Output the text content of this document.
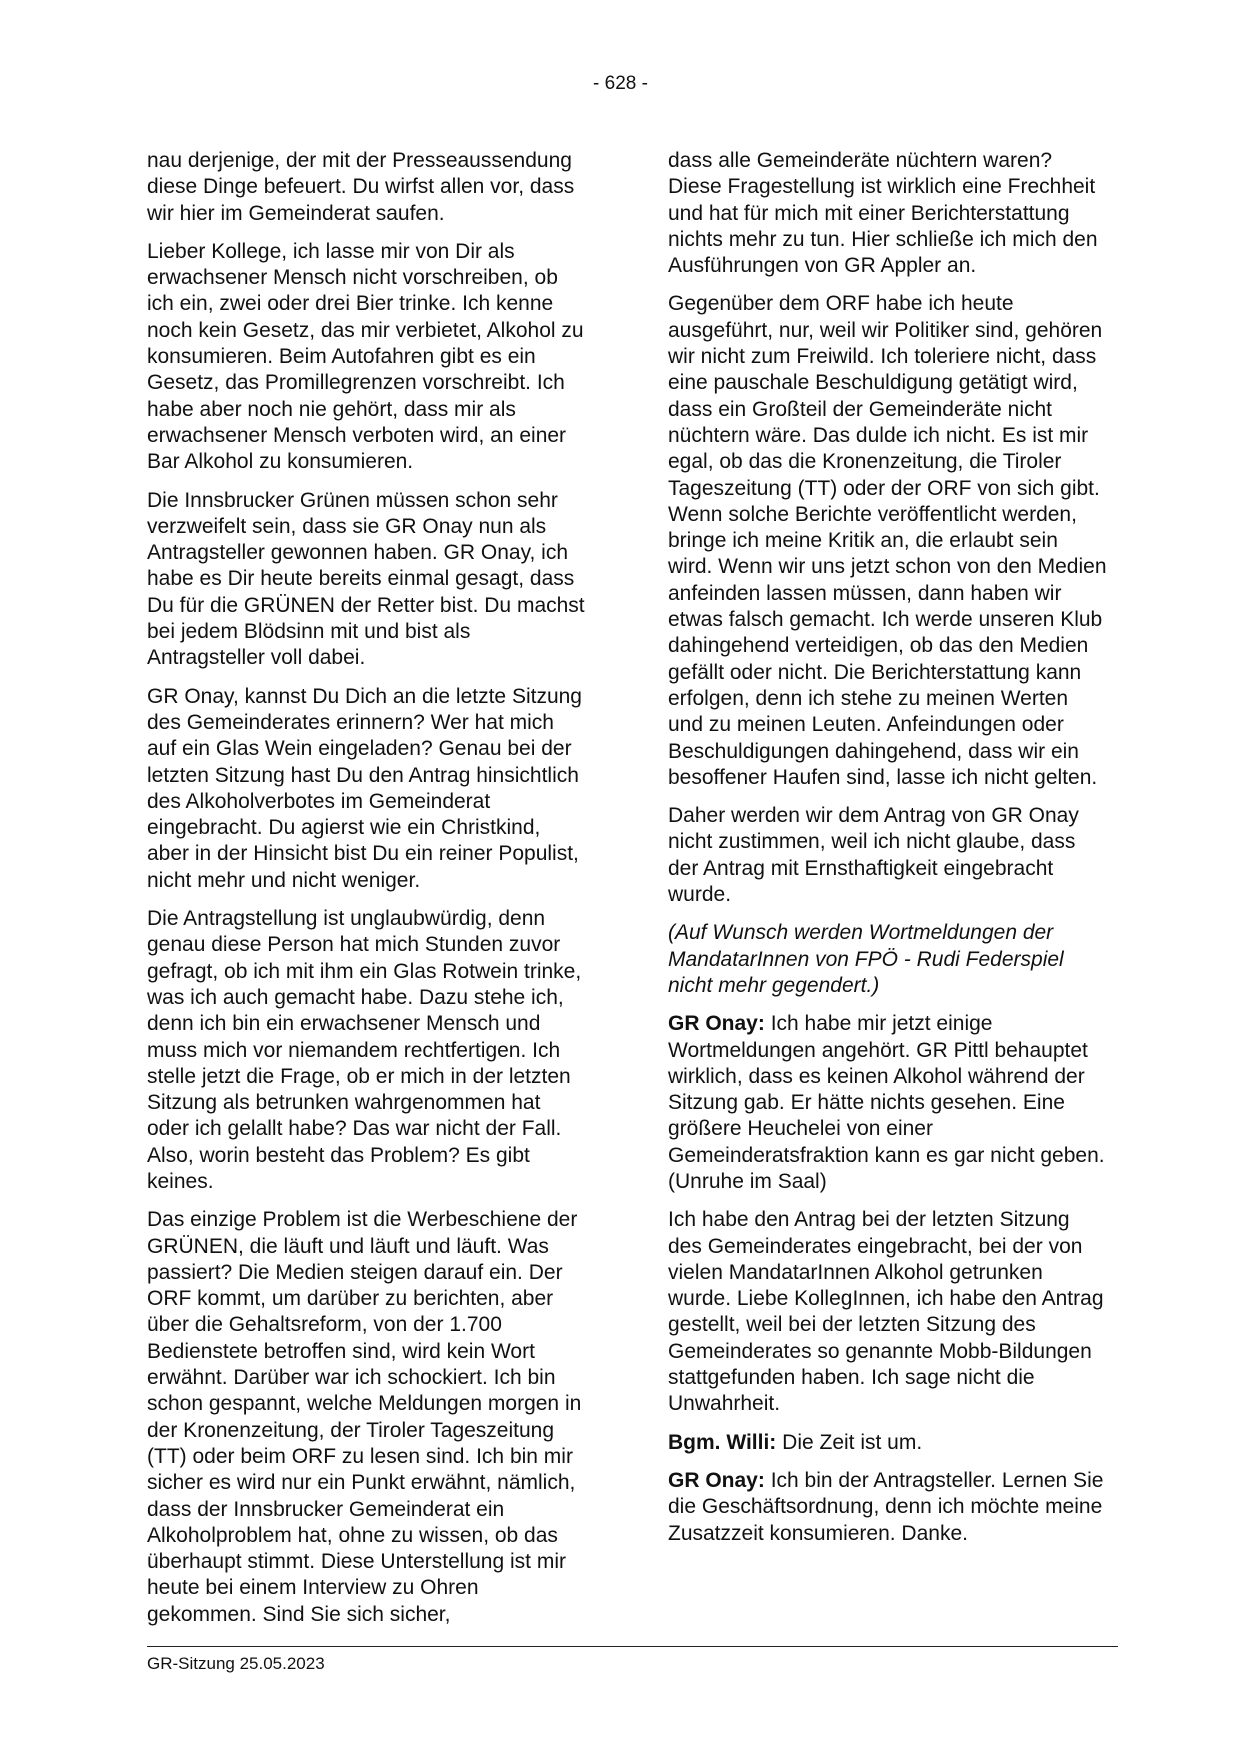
- 628 -

nau derjenige, der mit der Presseaussendung diese Dinge befeuert. Du wirfst allen vor, dass wir hier im Gemeinderat saufen.

Lieber Kollege, ich lasse mir von Dir als erwachsener Mensch nicht vorschreiben, ob ich ein, zwei oder drei Bier trinke. Ich kenne noch kein Gesetz, das mir verbietet, Alkohol zu konsumieren. Beim Autofahren gibt es ein Gesetz, das Promillegrenzen vorschreibt. Ich habe aber noch nie gehört, dass mir als erwachsener Mensch verboten wird, an einer Bar Alkohol zu konsumieren.

Die Innsbrucker Grünen müssen schon sehr verzweifelt sein, dass sie GR Onay nun als Antragsteller gewonnen haben. GR Onay, ich habe es Dir heute bereits einmal gesagt, dass Du für die GRÜNEN der Retter bist. Du machst bei jedem Blödsinn mit und bist als Antragsteller voll dabei.

GR Onay, kannst Du Dich an die letzte Sitzung des Gemeinderates erinnern? Wer hat mich auf ein Glas Wein eingeladen? Genau bei der letzten Sitzung hast Du den Antrag hinsichtlich des Alkoholverbotes im Gemeinderat eingebracht. Du agierst wie ein Christkind, aber in der Hinsicht bist Du ein reiner Populist, nicht mehr und nicht weniger.

Die Antragstellung ist unglaubwürdig, denn genau diese Person hat mich Stunden zuvor gefragt, ob ich mit ihm ein Glas Rotwein trinke, was ich auch gemacht habe. Dazu stehe ich, denn ich bin ein erwachsener Mensch und muss mich vor niemandem rechtfertigen. Ich stelle jetzt die Frage, ob er mich in der letzten Sitzung als betrunken wahrgenommen hat oder ich gelallt habe? Das war nicht der Fall. Also, worin besteht das Problem? Es gibt keines.

Das einzige Problem ist die Werbeschiene der GRÜNEN, die läuft und läuft und läuft. Was passiert? Die Medien steigen darauf ein. Der ORF kommt, um darüber zu berichten, aber über die Gehaltsreform, von der 1.700 Bedienstete betroffen sind, wird kein Wort erwähnt. Darüber war ich schockiert. Ich bin schon gespannt, welche Meldungen morgen in der Kronenzeitung, der Tiroler Tageszeitung (TT) oder beim ORF zu lesen sind. Ich bin mir sicher es wird nur ein Punkt erwähnt, nämlich, dass der Innsbrucker Gemeinderat ein Alkoholproblem hat, ohne zu wissen, ob das überhaupt stimmt. Diese Unterstellung ist mir heute bei einem Interview zu Ohren gekommen. Sind Sie sich sicher,

dass alle Gemeinderäte nüchtern waren? Diese Fragestellung ist wirklich eine Frechheit und hat für mich mit einer Berichterstattung nichts mehr zu tun. Hier schließe ich mich den Ausführungen von GR Appler an.

Gegenüber dem ORF habe ich heute ausgeführt, nur, weil wir Politiker sind, gehören wir nicht zum Freiwild. Ich toleriere nicht, dass eine pauschale Beschuldigung getätigt wird, dass ein Großteil der Gemeinderäte nicht nüchtern wäre. Das dulde ich nicht. Es ist mir egal, ob das die Kronenzeitung, die Tiroler Tageszeitung (TT) oder der ORF von sich gibt. Wenn solche Berichte veröffentlicht werden, bringe ich meine Kritik an, die erlaubt sein wird. Wenn wir uns jetzt schon von den Medien anfeinden lassen müssen, dann haben wir etwas falsch gemacht. Ich werde unseren Klub dahingehend verteidigen, ob das den Medien gefällt oder nicht. Die Berichterstattung kann erfolgen, denn ich stehe zu meinen Werten und zu meinen Leuten. Anfeindungen oder Beschuldigungen dahingehend, dass wir ein besoffener Haufen sind, lasse ich nicht gelten.

Daher werden wir dem Antrag von GR Onay nicht zustimmen, weil ich nicht glaube, dass der Antrag mit Ernsthaftigkeit eingebracht wurde.

(Auf Wunsch werden Wortmeldungen der MandatarInnen von FPÖ - Rudi Federspiel nicht mehr gegendert.)

GR Onay: Ich habe mir jetzt einige Wortmeldungen angehört. GR Pittl behauptet wirklich, dass es keinen Alkohol während der Sitzung gab. Er hätte nichts gesehen. Eine größere Heuchelei von einer Gemeinderatsfraktion kann es gar nicht geben. (Unruhe im Saal)

Ich habe den Antrag bei der letzten Sitzung des Gemeinderates eingebracht, bei der von vielen MandatarInnen Alkohol getrunken wurde. Liebe KollegInnen, ich habe den Antrag gestellt, weil bei der letzten Sitzung des Gemeinderates so genannte Mobb-Bildungen stattgefunden haben. Ich sage nicht die Unwahrheit.

Bgm. Willi: Die Zeit ist um.

GR Onay: Ich bin der Antragsteller. Lernen Sie die Geschäftsordnung, denn ich möchte meine Zusatzzeit konsumieren. Danke.

GR-Sitzung 25.05.2023
